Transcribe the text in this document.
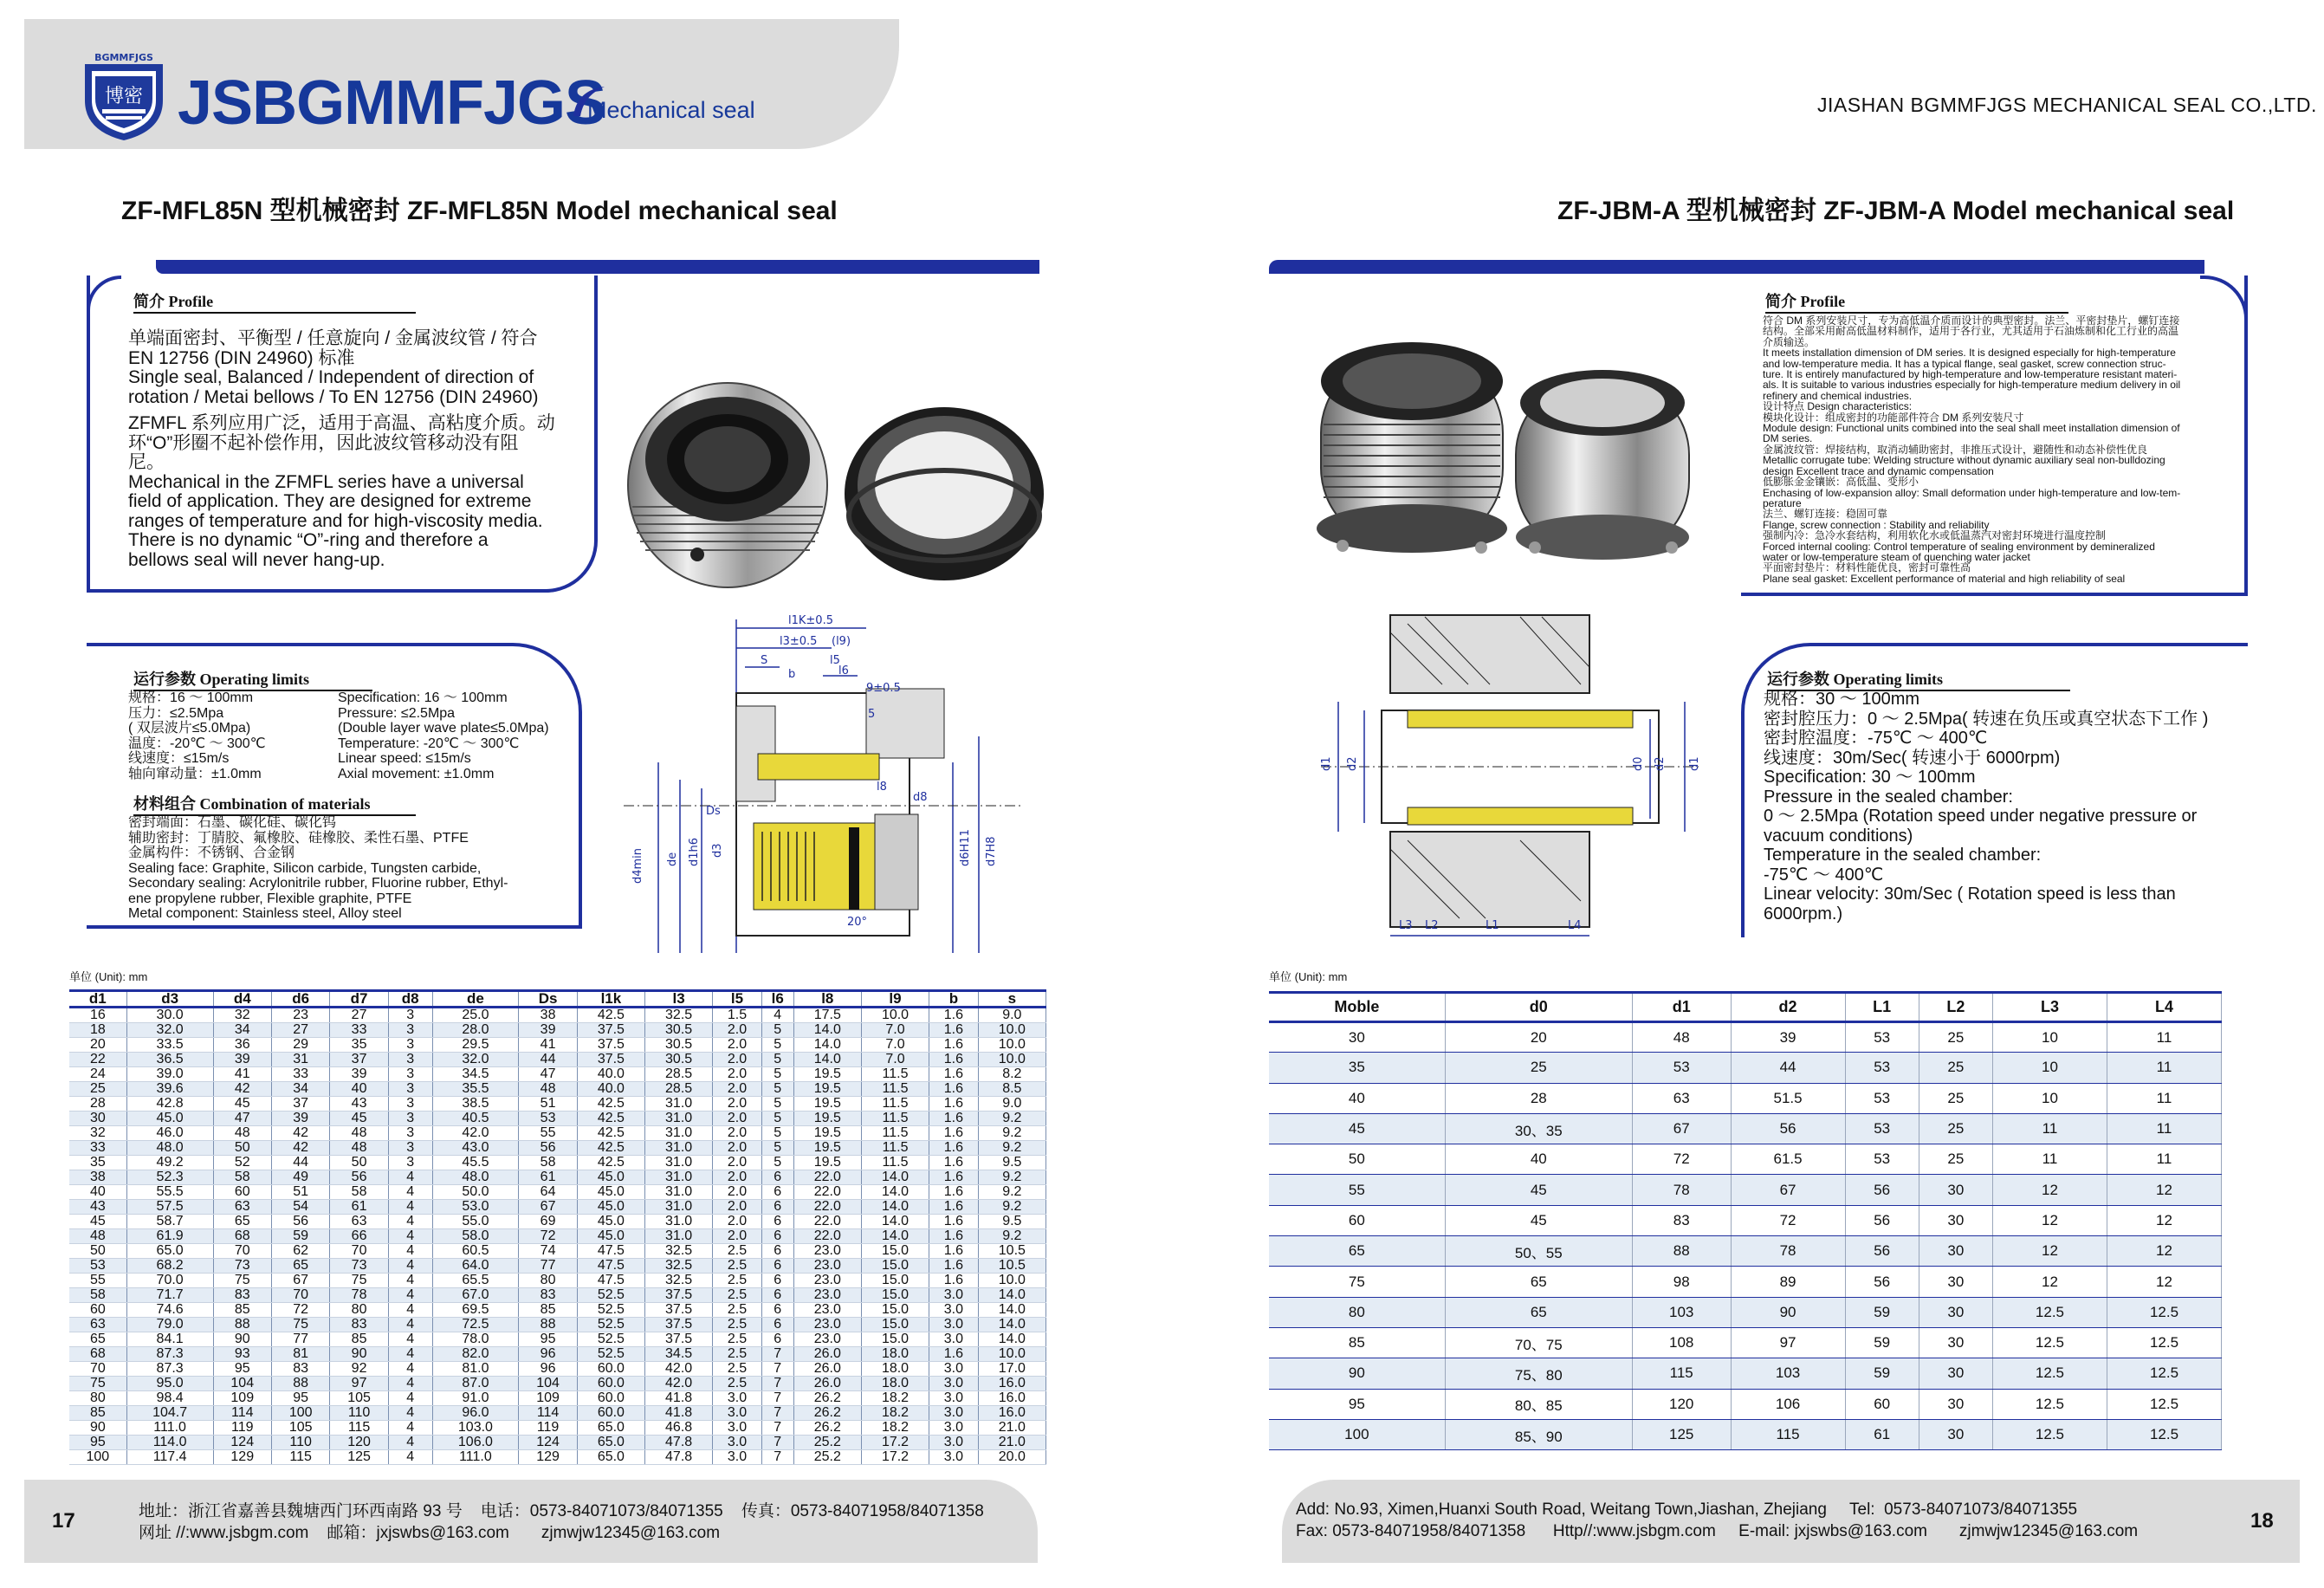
博密
BGMMFJGS
JSBGMMFJGS
Mechanical seal	JIASHAN BGMMFJGS MECHANICAL SEAL CO.,LTD.
ZF-MFL85N 型机械密封 ZF-MFL85N Model mechanical seal	ZF-JBM-A 型机械密封 ZF-JBM-A Model mechanical seal
简介 Profile
单端面密封、平衡型 / 任意旋向 / 金属波纹管 / 符合
EN 12756 (DIN 24960) 标准
Single seal, Balanced / Independent of direction of
rotation / Metai bellows / To EN 12756 (DIN 24960)
ZFMFL 系列应用广泛，适用于高温、高粘度介质。动
环“O”形圈不起补偿作用，因此波纹管移动没有阻
尼。
Mechanical in the ZFMFL series have a universal
field of application. They are designed for extreme
ranges of temperature and for high-viscosity media.
There is no dynamic “O”-ring and therefore a
bellows seal will never hang-up.
运行参数 Operating limits
规格：16 ～ 100mm
压力：≤2.5Mpa
( 双层波片≤5.0Mpa)
温度：-20℃ ～ 300℃
线速度：≤15m/s
轴向窜动量：±1.0mm
Specification: 16 ～ 100mm
Pressure: ≤2.5Mpa
(Double layer wave plate≤5.0Mpa)
Temperature: -20℃ ～ 300℃
Linear speed: ≤15m/s
Axial movement: ±1.0mm
材料组合 Combination of materials
密封端面：石墨、碳化硅、碳化钨
辅助密封：丁腈胶、氟橡胶、硅橡胶、柔性石墨、PTFE
金属构件：不锈钢、合金钢
Sealing face: Graphite, Silicon carbide, Tungsten carbide,
Secondary sealing: Acrylonitrile rubber, Fluorine rubber, Ethyl-
ene propylene rubber, Flexible graphite, PTFE
Metal component: Stainless steel, Alloy steel
l1K±0.5
l3±0.5 (l9)
S	l5
b	l6
9±0.5
5
l8
d8
d4min de d1h6 d3	d6H11 d7H8
Ds
20°
单位 (Unit): mm
d1	d3	d4	d6	d7	d8	de	Ds	l1k	l3	l5	l6	l8	l9	b	s
16	30.0	32	23	27	3	25.0	38	42.5	32.5	1.5	4	17.5	10.0	1.6	9.0
18	32.0	34	27	33	3	28.0	39	37.5	30.5	2.0	5	14.0	7.0	1.6	10.0
20	33.5	36	29	35	3	29.5	41	37.5	30.5	2.0	5	14.0	7.0	1.6	10.0
22	36.5	39	31	37	3	32.0	44	37.5	30.5	2.0	5	14.0	7.0	1.6	10.0
24	39.0	41	33	39	3	34.5	47	40.0	28.5	2.0	5	19.5	11.5	1.6	8.2
25	39.6	42	34	40	3	35.5	48	40.0	28.5	2.0	5	19.5	11.5	1.6	8.5
28	42.8	45	37	43	3	38.5	51	42.5	31.0	2.0	5	19.5	11.5	1.6	9.0
30	45.0	47	39	45	3	40.5	53	42.5	31.0	2.0	5	19.5	11.5	1.6	9.2
32	46.0	48	42	48	3	42.0	55	42.5	31.0	2.0	5	19.5	11.5	1.6	9.2
33	48.0	50	42	48	3	43.0	56	42.5	31.0	2.0	5	19.5	11.5	1.6	9.2
35	49.2	52	44	50	3	45.5	58	42.5	31.0	2.0	5	19.5	11.5	1.6	9.5
38	52.3	58	49	56	4	48.0	61	45.0	31.0	2.0	6	22.0	14.0	1.6	9.2
40	55.5	60	51	58	4	50.0	64	45.0	31.0	2.0	6	22.0	14.0	1.6	9.2
43	57.5	63	54	61	4	53.0	67	45.0	31.0	2.0	6	22.0	14.0	1.6	9.2
45	58.7	65	56	63	4	55.0	69	45.0	31.0	2.0	6	22.0	14.0	1.6	9.5
48	61.9	68	59	66	4	58.0	72	45.0	31.0	2.0	6	22.0	14.0	1.6	9.2
50	65.0	70	62	70	4	60.5	74	47.5	32.5	2.5	6	23.0	15.0	1.6	10.5
53	68.2	73	65	73	4	64.0	77	47.5	32.5	2.5	6	23.0	15.0	1.6	10.5
55	70.0	75	67	75	4	65.5	80	47.5	32.5	2.5	6	23.0	15.0	1.6	10.0
58	71.7	83	70	78	4	67.0	83	52.5	37.5	2.5	6	23.0	15.0	3.0	14.0
60	74.6	85	72	80	4	69.5	85	52.5	37.5	2.5	6	23.0	15.0	3.0	14.0
63	79.0	88	75	83	4	72.5	88	52.5	37.5	2.5	6	23.0	15.0	3.0	14.0
65	84.1	90	77	85	4	78.0	95	52.5	37.5	2.5	6	23.0	15.0	3.0	14.0
68	87.3	93	81	90	4	82.0	96	52.5	34.5	2.5	7	26.0	18.0	1.6	10.0
70	87.3	95	83	92	4	81.0	96	60.0	42.0	2.5	7	26.0	18.0	3.0	17.0
75	95.0	104	88	97	4	87.0	104	60.0	42.0	2.5	7	26.0	18.0	3.0	16.0
80	98.4	109	95	105	4	91.0	109	60.0	41.8	3.0	7	26.2	18.2	3.0	16.0
85	104.7	114	100	110	4	96.0	114	60.0	41.8	3.0	7	26.2	18.2	3.0	16.0
90	111.0	119	105	115	4	103.0	119	65.0	46.8	3.0	7	26.2	18.2	3.0	21.0
95	114.0	124	110	120	4	106.0	124	65.0	47.8	3.0	7	25.2	17.2	3.0	21.0
100	117.4	129	115	125	4	111.0	129	65.0	47.8	3.0	7	25.2	17.2	3.0	20.0
简介 Profile
符合 DM 系列安装尺寸，专为高低温介质而设计的典型密封。法兰、平密封垫片，螺钉连接
结构。全部采用耐高低温材料制作，适用于各行业，尤其适用于石油炼制和化工行业的高温
介质输送。
It meets installation dimension of DM series. It is designed especially for high-temperature
and low-temperature media. It has a typical flange, seal gasket, screw connection struc-
ture. It is entirely manufactured by high-temperature and low-temperature resistant materi-
als. It is suitable to various industries especially for high-temperature medium delivery in oil
refinery and chemical industries.
设计特点 Design characteristics:
模块化设计：组成密封的功能部件符合 DM 系列安装尺寸
Module design: Functional units combined into the seal shall meet installation dimension of
DM series.
金属波纹管：焊接结构，取消动辅助密封，非推压式设计，避随性和动态补偿性优良
Metallic corrugate tube: Welding structure without dynamic auxiliary seal non-bulldozing
design Excellent trace and dynamic compensation
低膨胀金金镶嵌：高低温、变形小
Enchasing of low-expansion alloy: Small deformation under high-temperature and low-tem-
perature
法兰、螺钉连接：稳固可靠
Flange, screw connection : Stability and reliability
强制内冷：急冷水套结构，利用软化水或低温蒸汽对密封环境进行温度控制
Forced internal cooling: Control temperature of sealing environment by demineralized
water or low-temperature steam of quenching water jacket
平面密封垫片：材料性能优良，密封可靠性高
Plane seal gasket: Excellent performance of material and high reliability of seal
d1 d2	d0 d2 d1
L3 L2	L1	L4
运行参数 Operating limits
规格：30 ～ 100mm
密封腔压力：0 ～ 2.5Mpa( 转速在负压或真空状态下工作 )
密封腔温度：-75℃ ～ 400℃
线速度：30m/Sec( 转速小于 6000rpm)
Specification: 30 ～ 100mm
Pressure in the sealed chamber:
0 ～ 2.5Mpa (Rotation speed under negative pressure or
vacuum conditions)
Temperature in the sealed chamber:
-75℃ ～ 400℃
Linear velocity: 30m/Sec ( Rotation speed is less than
6000rpm.)
单位 (Unit): mm
Moble	d0	d1	d2	L1	L2	L3	L4
30	20	48	39	53	25	10	11
35	25	53	44	53	25	10	11
40	28	63	51.5	53	25	10	11
45	30、35	67	56	53	25	11	11
50	40	72	61.5	53	25	11	11
55	45	78	67	56	30	12	12
60	45	83	72	56	30	12	12
65	50、55	88	78	56	30	12	12
75	65	98	89	56	30	12	12
80	65	103	90	59	30	12.5	12.5
85	70、75	108	97	59	30	12.5	12.5
90	75、80	115	103	59	30	12.5	12.5
95	80、85	120	106	60	30	12.5	12.5
100	85、90	125	115	61	30	12.5	12.5
17	18
地址：浙江省嘉善县魏塘西门环西南路 93 号    电话：0573-84071073/84071355    传真：0573-84071958/84071358
网址 //:www.jsbgm.com    邮箱：jxjswbs@163.com       zjmwjw12345@163.com
Add: No.93, Ximen,Huanxi South Road, Weitang Town,Jiashan, Zhejiang     Tel:  0573-84071073/84071355
Fax: 0573-84071958/84071358      Http//:www.jsbgm.com     E-mail: jxjswbs@163.com       zjmwjw12345@163.com
